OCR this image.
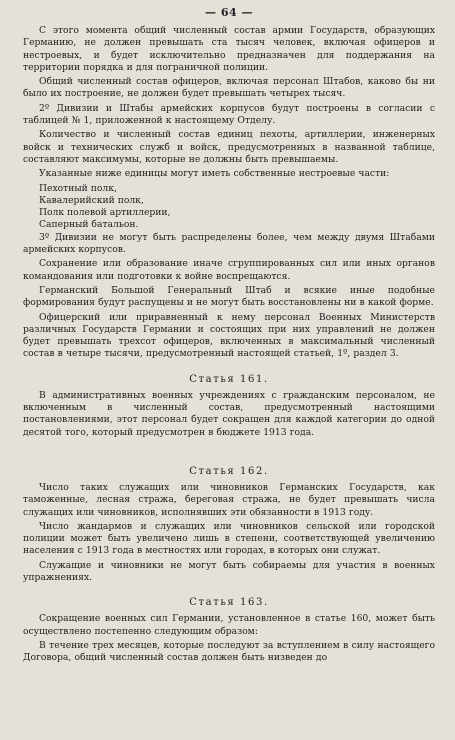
— 64 —

С этого момента общий численный состав армии Государств, образующих Германию, не должен превышать ста тысяч человек, включая офицеров и нестроевых, и будет исключительно предназначен для поддержания на территории порядка и для пограничной полиции.

Общий численный состав офицеров, включая персонал Штабов, каково бы ни было их построение, не должен будет превышать четырех тысяч.

2º Дивизии и Штабы армейских корпусов будут построены в согласии с таблицей № 1, приложенной к настоящему Отделу.

Количество и численный состав единиц пехоты, артиллерии, инженерных войск и технических служб и войск, предусмотренных в названной таблице, составляют максимумы, которые не должны быть превышаемы.

Указанные ниже единицы могут иметь собственные нестроевые части:

Пехотный полк,
Кавалерийский полк,
Полк полевой артиллерии,
Саперный батальон.

3º Дивизии не могут быть распределены более, чем между двумя Штабами армейских корпусов.

Сохранение или образование иначе сгруппированных сил или иных органов командования или подготовки к войне воспрещаются.

Германский Большой Генеральный Штаб и всякие иные подобные формирования будут распущены и не могут быть восстановлены ни в какой форме.

Офицерский или приравненный к нему персонал Военных Министерств различных Государств Германии и состоящих при них управлений не должен будет превышать трехсот офицеров, включенных в максимальный численный состав в четыре тысячи, предусмотренный настоящей статьей, 1º, раздел 3.

Статья 161.

В административных военных учреждениях с гражданским персоналом, не включенным в численный состав, предусмотренный настоящими постановлениями, этот персонал будет сокращен для каждой категории до одной десятой того, который предусмотрен в бюджете 1913 года.

Статья 162.

Число таких служащих или чиновников Германских Государств, как таможенные, лесная стража, береговая стража, не будет превышать числа служащих или чиновников, исполнявших эти обязанности в 1913 году.

Число жандармов и служащих или чиновников сельской или городской полиции может быть увеличено лишь в степени, соответствующей увеличению населения с 1913 года в местностях или городах, в которых они служат.

Служащие и чиновники не могут быть собираемы для участия в военных упражнениях.

Статья 163.

Сокращение военных сил Германии, установленное в статье 160, может быть осуществлено постепенно следующим образом:

В течение трех месяцев, которые последуют за вступлением в силу настоящего Договора, общий численный состав должен быть низведен до
